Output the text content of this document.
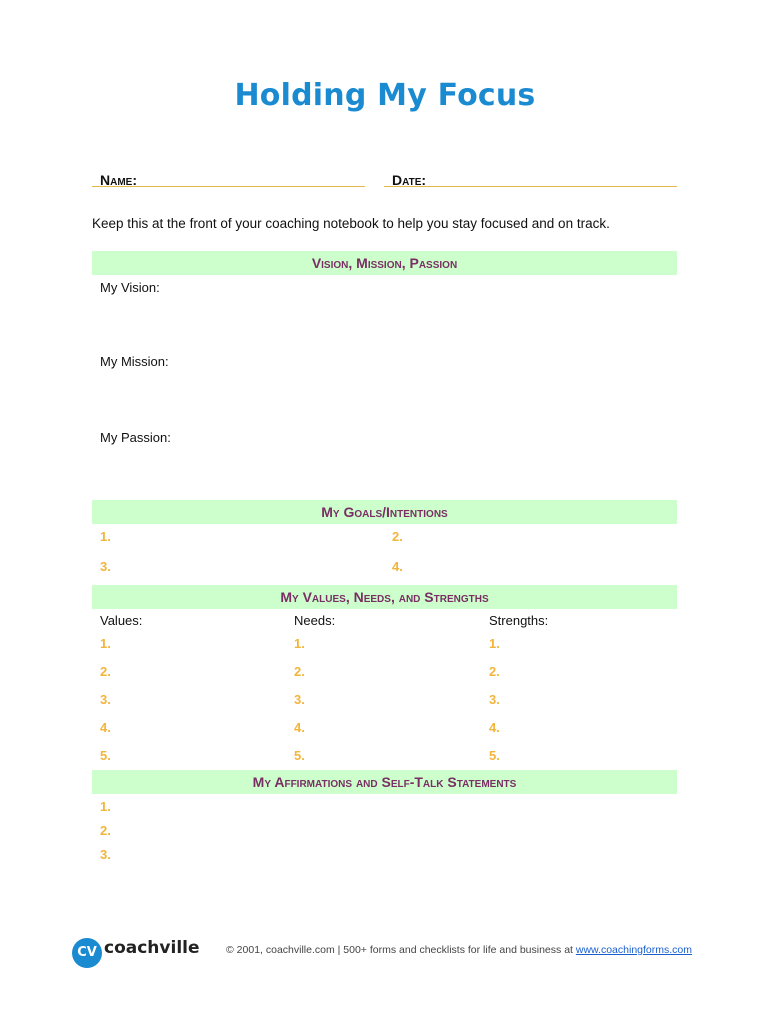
Holding My Focus
Name:	Date:
Keep this at the front of your coaching notebook to help you stay focused and on track.
Vision, Mission, Passion
My Vision:
My Mission:
My Passion:
My Goals/Intentions
1.	2.
3.	4.
My Values, Needs, and Strengths
Values:	Needs:	Strengths:
1.	1.	1.
2.	2.	2.
3.	3.	3.
4.	4.	4.
5.	5.	5.
My Affirmations and Self-Talk Statements
1.
2.
3.
CV coachville	© 2001, coachville.com | 500+ forms and checklists for life and business at www.coachingforms.com
